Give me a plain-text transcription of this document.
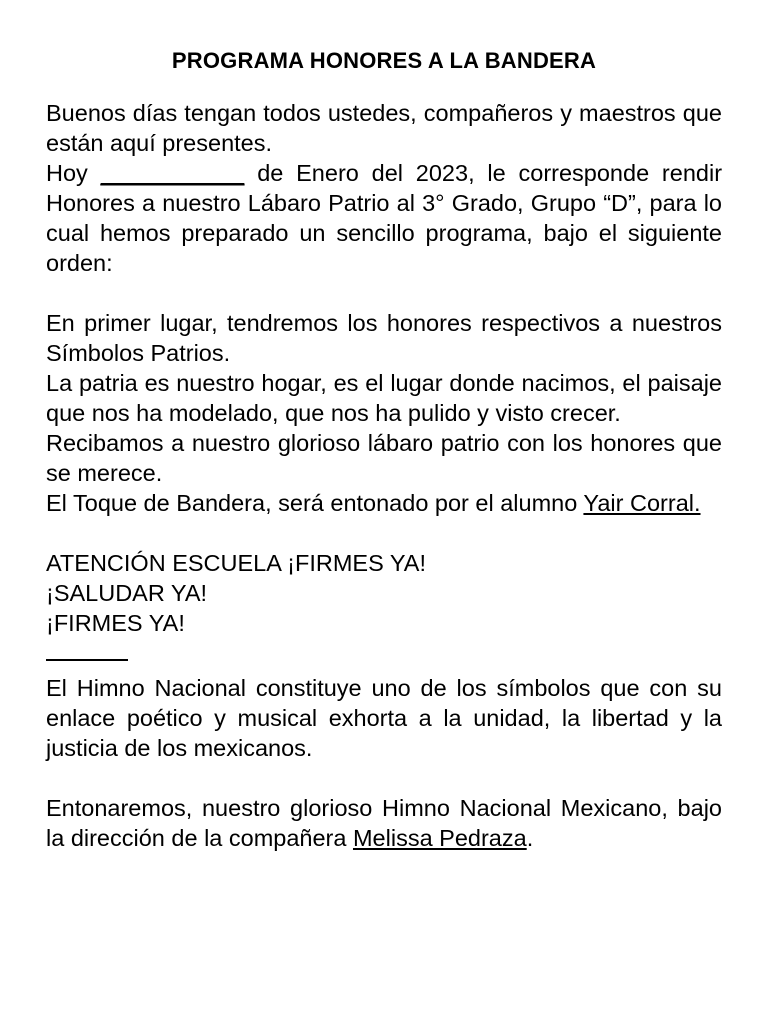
PROGRAMA HONORES A LA BANDERA

Buenos días tengan todos ustedes, compañeros y maestros que están aquí presentes.

Hoy ___________ de Enero del 2023, le corresponde rendir Honores a nuestro Lábaro Patrio al 3° Grado, Grupo “D”, para lo cual hemos preparado un sencillo programa, bajo el siguiente orden:

En primer lugar, tendremos los honores respectivos a nuestros Símbolos Patrios.

La patria es nuestro hogar, es el lugar donde nacimos, el paisaje que nos ha modelado, que nos ha pulido y visto crecer.

Recibamos a nuestro glorioso lábaro patrio con los honores que se merece.

El Toque de Bandera, será entonado por el alumno Yair Corral.

ATENCIÓN ESCUELA ¡FIRMES YA!

¡SALUDAR YA!

¡FIRMES YA!

El Himno Nacional constituye uno de los símbolos que con su enlace poético y musical exhorta a la unidad, la libertad y la justicia de los mexicanos.

Entonaremos, nuestro glorioso Himno Nacional Mexicano, bajo la dirección de la compañera Melissa Pedraza.
